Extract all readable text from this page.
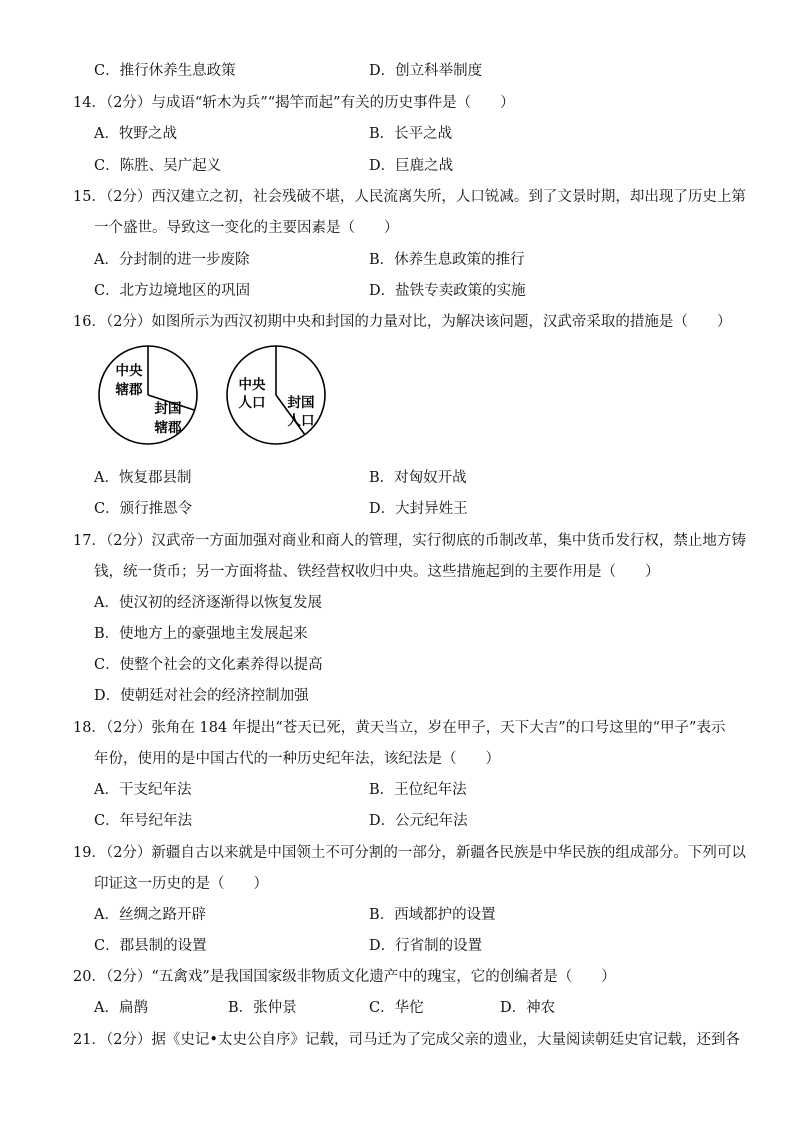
C．推行休养生息政策	D．创立科举制度
14．（2分）与成语“斩木为兵”“揭竿而起”有关的历史事件是（　　）
A．牧野之战	B．长平之战
C．陈胜、吴广起义	D．巨鹿之战
15．（2分）西汉建立之初，社会残破不堪，人民流离失所，人口锐减。到了文景时期，却出现了历史上第
一个盛世。导致这一变化的主要因素是（　　）
A．分封制的进一步废除	B．休养生息政策的推行
C．北方边境地区的巩固	D．盐铁专卖政策的实施
16．（2分）如图所示为西汉初期中央和封国的力量对比，为解决该问题，汉武帝采取的措施是（　　）
中央
辖郡
封国
辖郡
中央
人口 封国
人口
A．恢复郡县制	B．对匈奴开战
C．颁行推恩令	D．大封异姓王
17．（2分）汉武帝一方面加强对商业和商人的管理，实行彻底的币制改革，集中货币发行权，禁止地方铸
钱，统一货币；另一方面将盐、铁经营权收归中央。这些措施起到的主要作用是（　　）
A．使汉初的经济逐渐得以恢复发展
B．使地方上的豪强地主发展起来
C．使整个社会的文化素养得以提高
D．使朝廷对社会的经济控制加强
18．（2分）张角在 184 年提出“苍天已死，黄天当立，岁在甲子，天下大吉”的口号这里的“甲子”表示
年份，使用的是中国古代的一种历史纪年法，该纪法是（　　）
A．干支纪年法	B．王位纪年法
C．年号纪年法	D．公元纪年法
19．（2分）新疆自古以来就是中国领土不可分割的一部分，新疆各民族是中华民族的组成部分。下列可以
印证这一历史的是（　　）
A．丝绸之路开辟	B．西域都护的设置
C．郡县制的设置	D．行省制的设置
20．（2分）“五禽戏”是我国国家级非物质文化遗产中的瑰宝，它的创编者是（　　）
A．扁鹊	B．张仲景	C．华佗	D．神农
21．（2分）据《史记•太史公自序》记载，司马迁为了完成父亲的遗业，大量阅读朝廷史官记载，还到各
